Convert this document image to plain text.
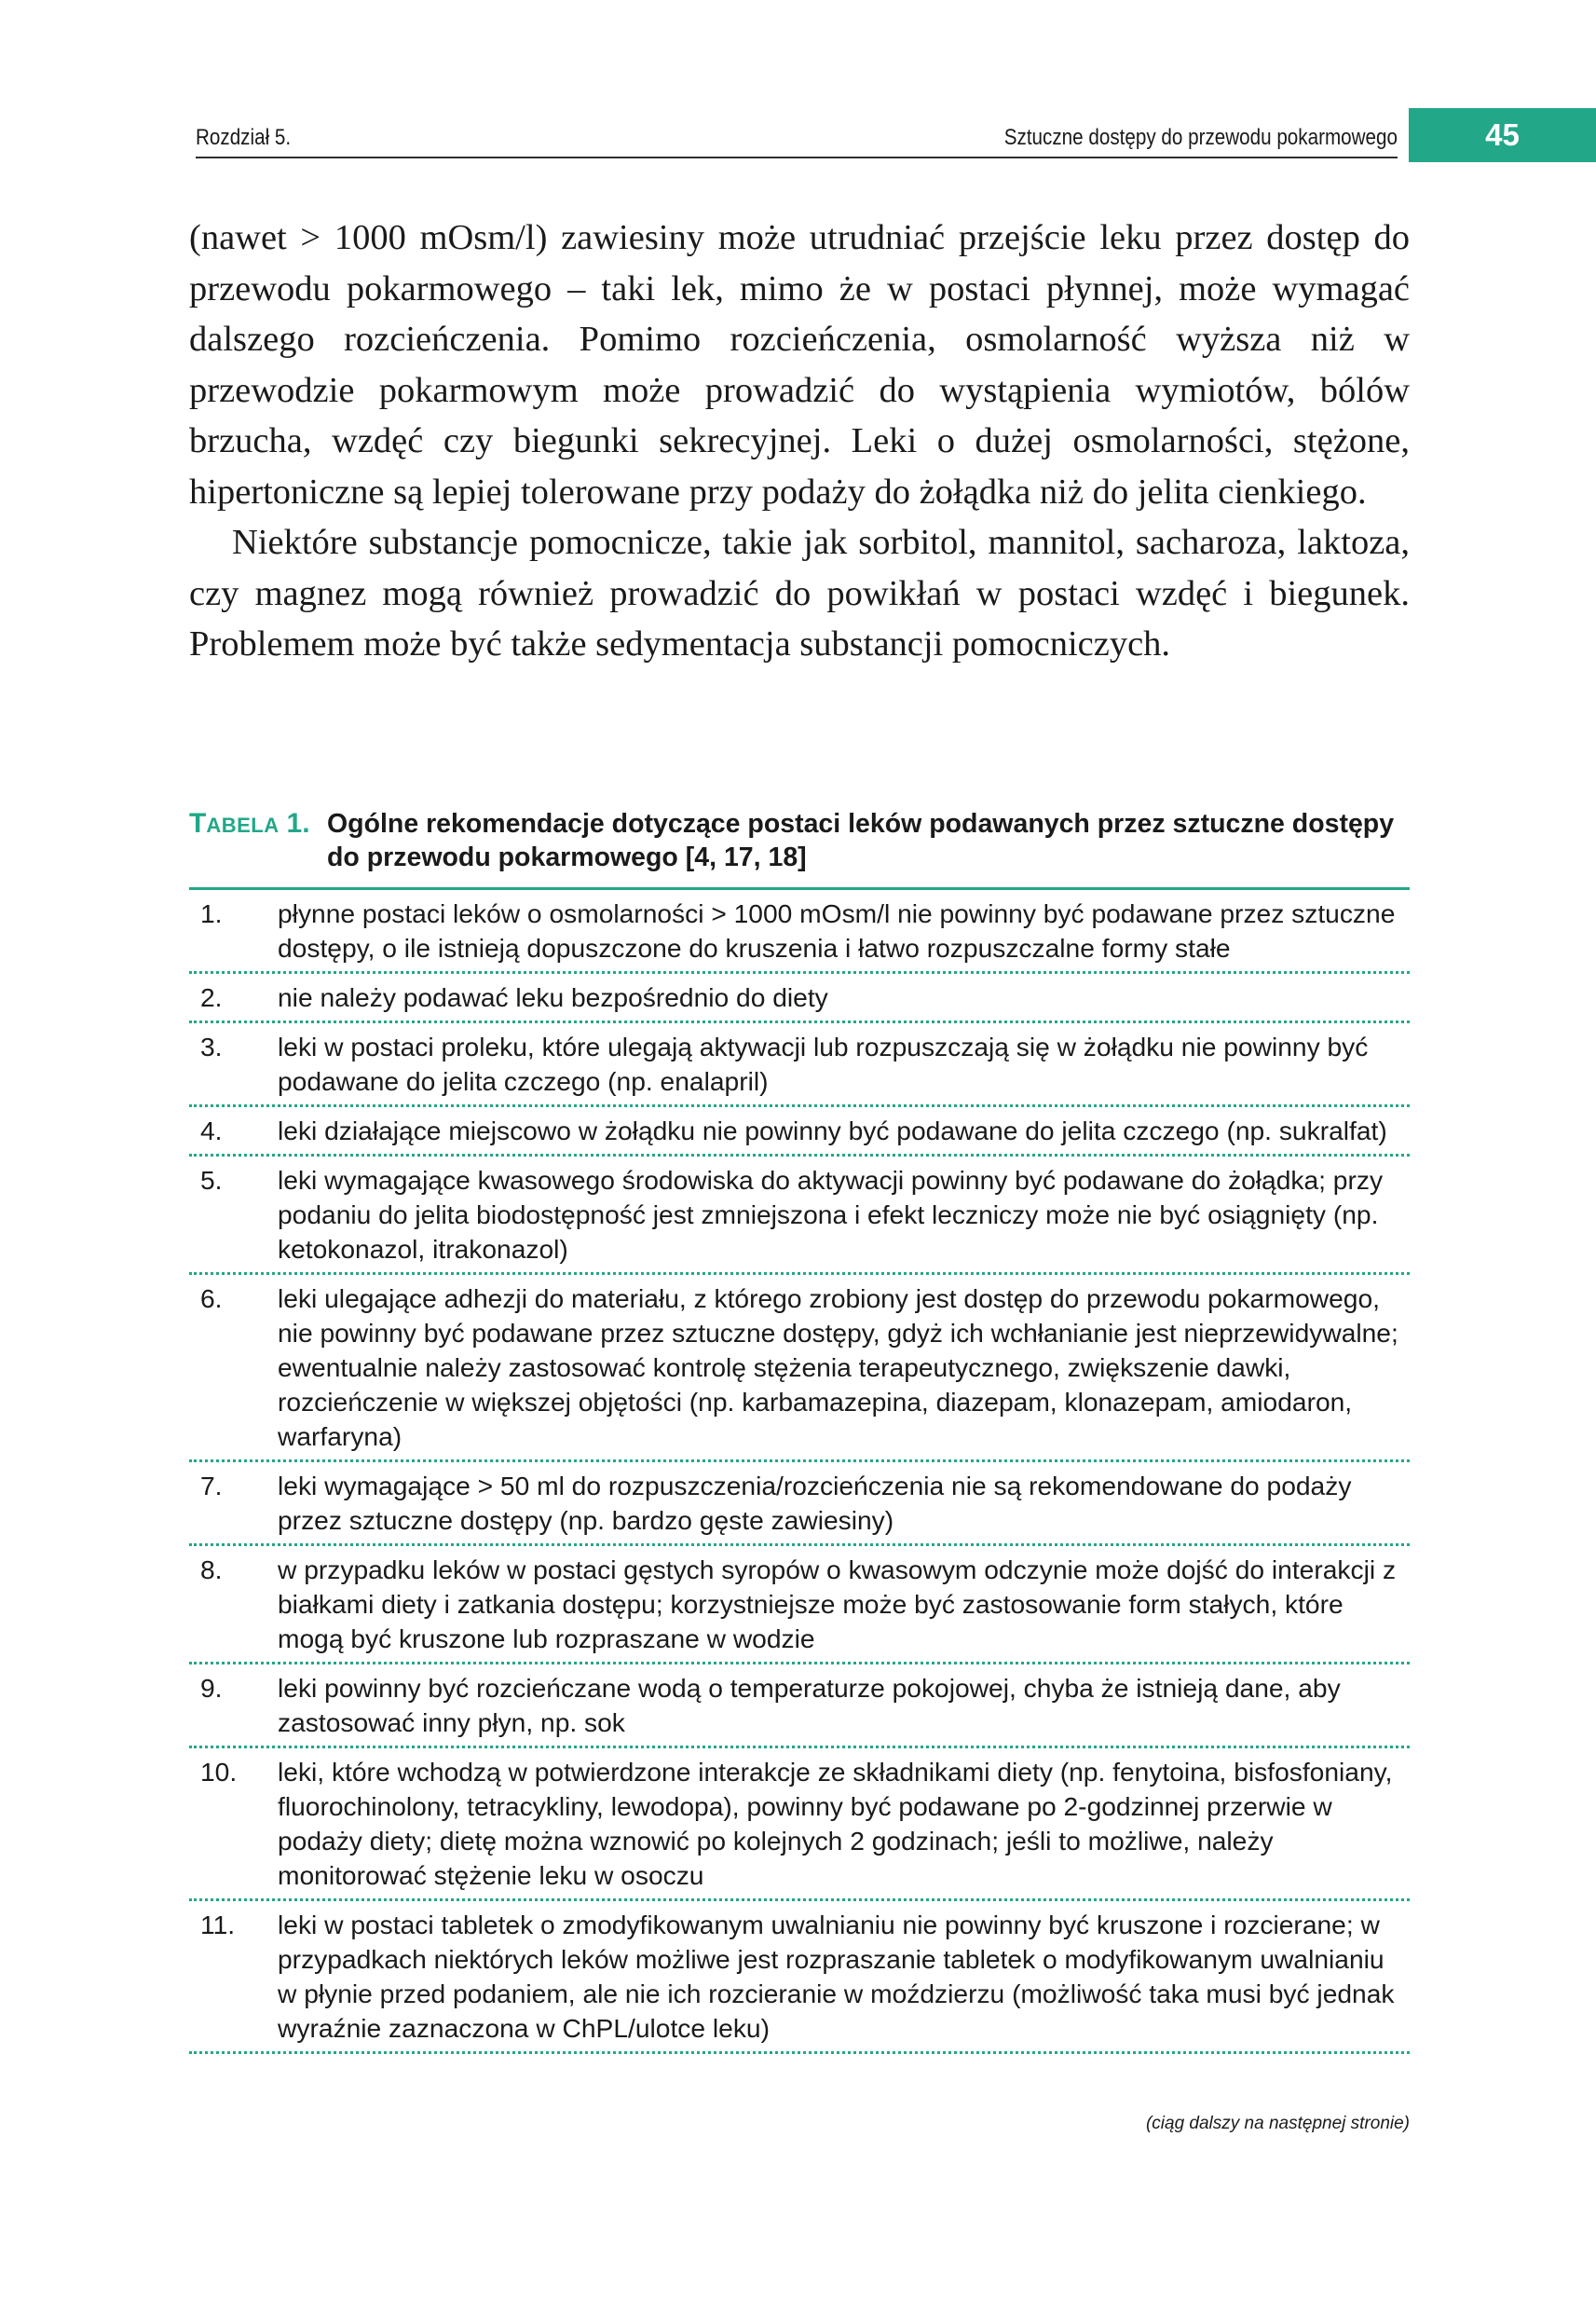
Rozdział 5.	Sztuczne dostępy do przewodu pokarmowego	45

(nawet > 1000 mOsm/l) zawiesiny może utrudniać przejście leku przez dostęp do przewodu pokarmowego – taki lek, mimo że w postaci płynnej, może wymagać dalszego rozcieńczenia. Pomimo rozcieńczenia, osmolarność wyższa niż w przewodzie pokarmowym może prowadzić do wystąpienia wymiotów, bólów brzucha, wzdęć czy biegunki sekrecyjnej. Leki o dużej osmolarności, stężone, hipertoniczne są lepiej tolerowane przy podaży do żołądka niż do jelita cienkiego.

Niektóre substancje pomocnicze, takie jak sorbitol, mannitol, sacharoza, laktoza, czy magnez mogą również prowadzić do powikłań w postaci wzdęć i biegunek. Problemem może być także sedymentacja substancji pomocniczych.

TABELA 1. Ogólne rekomendacje dotyczące postaci leków podawanych przez sztuczne dostępy do przewodu pokarmowego [4, 17, 18]
1.	płynne postaci leków o osmolarności > 1000 mOsm/l nie powinny być podawane przez sztuczne dostępy, o ile istnieją dopuszczone do kruszenia i łatwo rozpuszczalne formy stałe
2.	nie należy podawać leku bezpośrednio do diety
3.	leki w postaci proleku, które ulegają aktywacji lub rozpuszczają się w żołądku nie powinny być podawane do jelita czczego (np. enalapril)
4.	leki działające miejscowo w żołądku nie powinny być podawane do jelita czczego (np. sukralfat)
5.	leki wymagające kwasowego środowiska do aktywacji powinny być podawane do żołądka; przy podaniu do jelita biodostępność jest zmniejszona i efekt leczniczy może nie być osiągnięty (np. ketokonazol, itrakonazol)
6.	leki ulegające adhezji do materiału, z którego zrobiony jest dostęp do przewodu pokarmowego, nie powinny być podawane przez sztuczne dostępy, gdyż ich wchłanianie jest nieprzewidywalne; ewentualnie należy zastosować kontrolę stężenia terapeutycznego, zwiększenie dawki, rozcieńczenie w większej objętości (np. karbamazepina, diazepam, klonazepam, amiodaron, warfaryna)
7.	leki wymagające > 50 ml do rozpuszczenia/rozcieńczenia nie są rekomendowane do podaży przez sztuczne dostępy (np. bardzo gęste zawiesiny)
8.	w przypadku leków w postaci gęstych syropów o kwasowym odczynie może dojść do interakcji z białkami diety i zatkania dostępu; korzystniejsze może być zastosowanie form stałych, które mogą być kruszone lub rozpraszane w wodzie
9.	leki powinny być rozcieńczane wodą o temperaturze pokojowej, chyba że istnieją dane, aby zastosować inny płyn, np. sok
10.	leki, które wchodzą w potwierdzone interakcje ze składnikami diety (np. fenytoina, bisfosfoniany, fluorochinolony, tetracykliny, lewodopa), powinny być podawane po 2-godzinnej przerwie w podaży diety; dietę można wznowić po kolejnych 2 godzinach; jeśli to możliwe, należy monitorować stężenie leku w osoczu
11.	leki w postaci tabletek o zmodyfikowanym uwalnianiu nie powinny być kruszone i rozcierane; w przypadkach niektórych leków możliwe jest rozpraszanie tabletek o modyfikowanym uwalnianiu w płynie przed podaniem, ale nie ich rozcieranie w moździerzu (możliwość taka musi być jednak wyraźnie zaznaczona w ChPL/ulotce leku)
(ciąg dalszy na następnej stronie)
